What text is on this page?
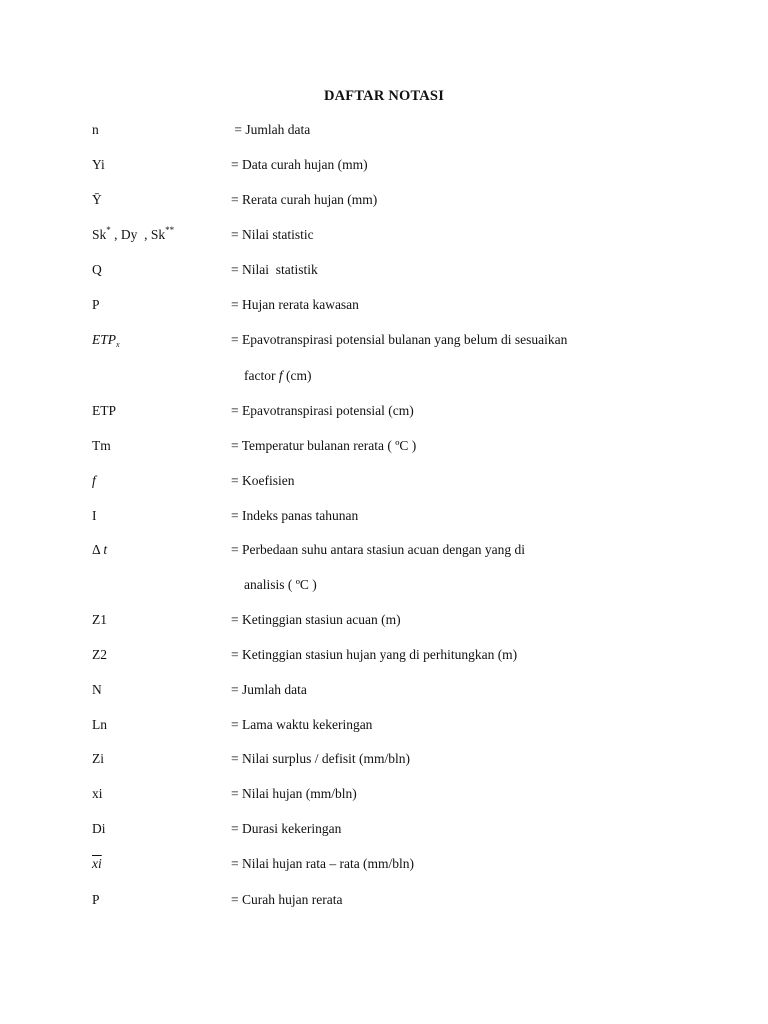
DAFTAR NOTASI
n	= Jumlah data
Yi	= Data curah hujan (mm)
Ȳ	= Rerata curah hujan (mm)
Sk* , Dy  , Sk**	= Nilai statistic
Q	= Nilai  statistik
P	= Hujan rerata kawasan
$ETP_x$	= Epavotranspirasi potensial bulanan yang belum di sesuaikan
factor f (cm)
ETP	= Epavotranspirasi potensial (cm)
Tm	= Temperatur bulanan rerata ( ºC )
f	= Koefisien
I	= Indeks panas tahunan
Δ t	= Perbedaan suhu antara stasiun acuan dengan yang di
analisis ( ºC )
Z1	= Ketinggian stasiun acuan (m)
Z2	= Ketinggian stasiun hujan yang di perhitungkan (m)
N	= Jumlah data
Ln	= Lama waktu kekeringan
Zi	= Nilai surplus / defisit (mm/bln)
xi	= Nilai hujan (mm/bln)
Di	= Durasi kekeringan
$\overline{xi}$	= Nilai hujan rata – rata (mm/bln)
P	= Curah hujan rerata
